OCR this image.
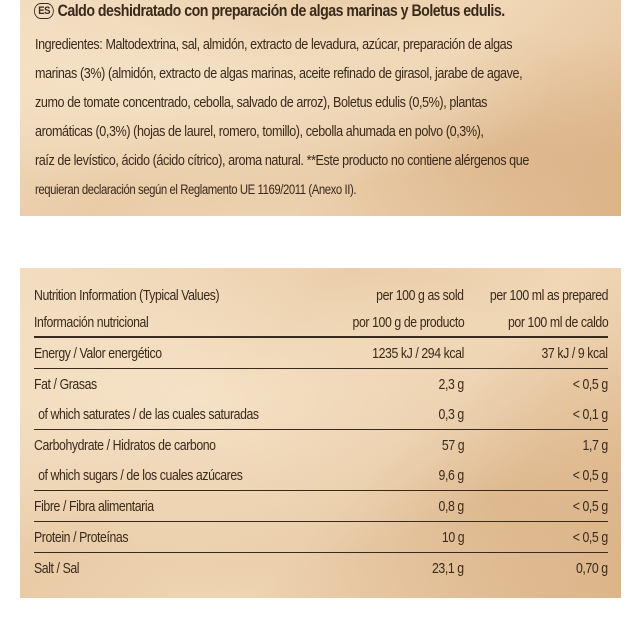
ES Caldo deshidratado con preparación de algas marinas y Boletus edulis.
Ingredientes: Maltodextrina, sal, almidón, extracto de levadura, azúcar, preparación de algas
marinas (3%) (almidón, extracto de algas marinas, aceite refinado de girasol, jarabe de agave,
zumo de tomate concentrado, cebolla, salvado de arroz), Boletus edulis (0,5%), plantas
aromáticas (0,3%) (hojas de laurel, romero, tomillo), cebolla ahumada en polvo (0,3%),
raíz de levístico, ácido (ácido cítrico), aroma natural. **Este producto no contiene alérgenos que
requieran declaración según el Reglamento UE 1169/2011 (Anexo II).
Nutrition Information (Typical Values)	per 100 g as sold	per 100 ml as prepared
Información nutricional	por 100 g de producto	por 100 ml de caldo
Energy / Valor energético	1235 kJ / 294 kcal	37 kJ / 9 kcal
Fat / Grasas	2,3 g	< 0,5 g
of which saturates / de las cuales saturadas	0,3 g	< 0,1 g
Carbohydrate / Hidratos de carbono	57 g	1,7 g
of which sugars / de los cuales azúcares	9,6 g	< 0,5 g
Fibre / Fibra alimentaria	0,8 g	< 0,5 g
Protein / Proteínas	10 g	< 0,5 g
Salt / Sal	23,1 g	0,70 g
